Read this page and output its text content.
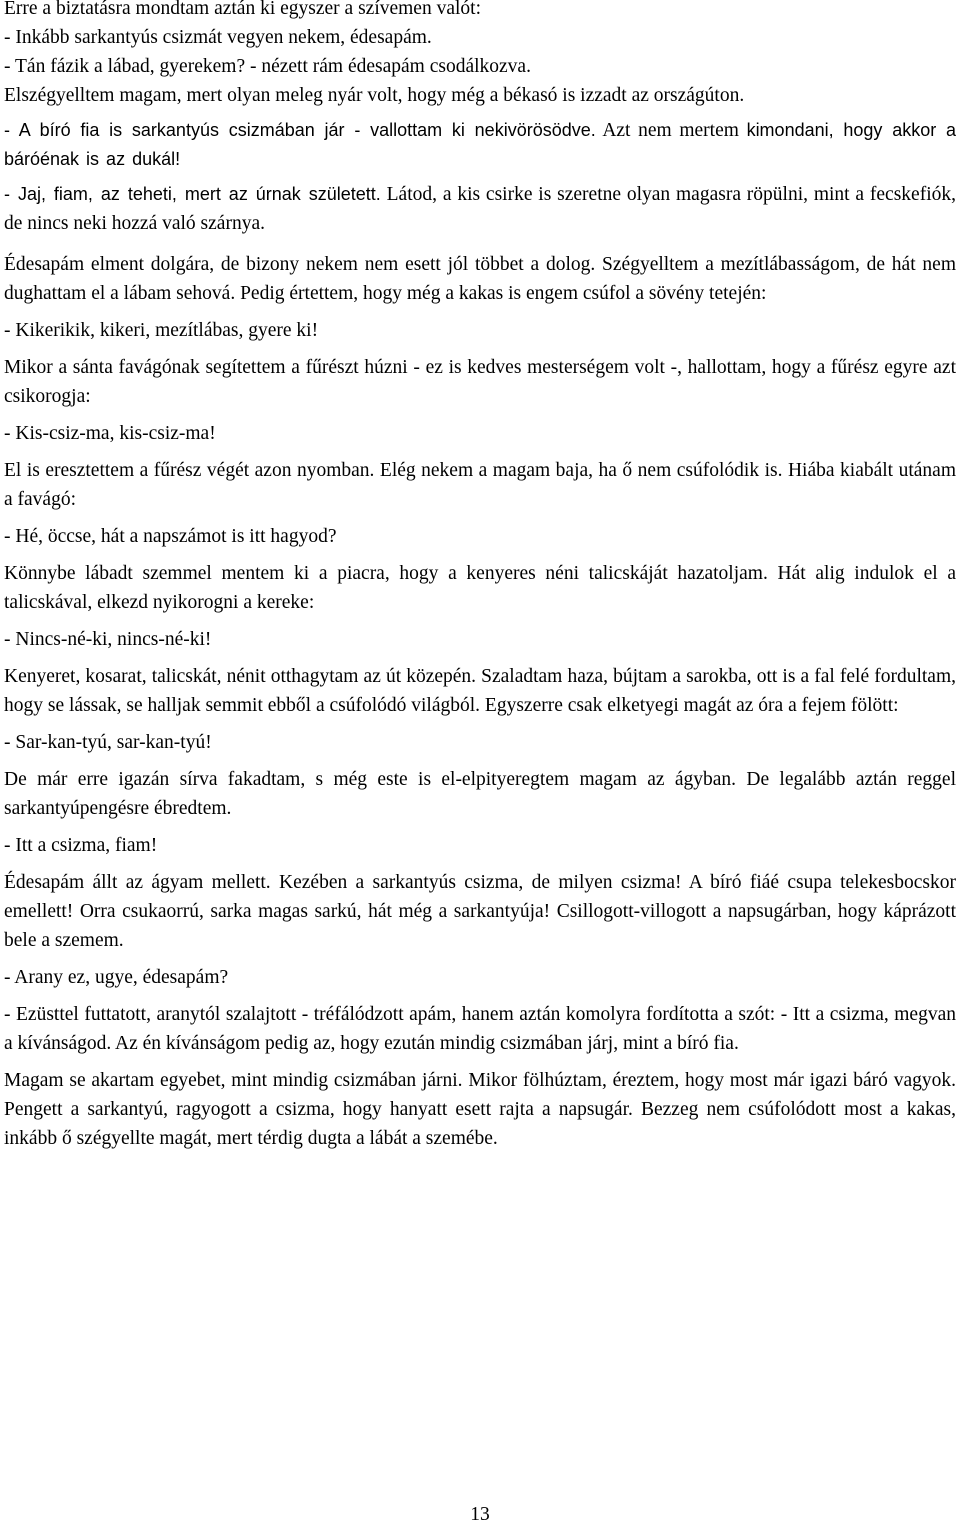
Erre a biztatásra mondtam aztán ki egyszer a szívemen valót:

- Inkább sarkantyús csizmát vegyen nekem, édesapám.

- Tán fázik a lábad, gyerekem? - nézett rám édesapám csodálkozva.

Elszégyelltem magam, mert olyan meleg nyár volt, hogy még a békasó is izzadt az országúton.

- A bíró fia is sarkantyús csizmában jár - vallottam ki nekivörösödve. Azt nem mertem kimondani, hogy akkor a báróénak is az dukál!

- Jaj, fiam, az teheti, mert az úrnak született. Látod, a kis csirke is szeretne olyan magasra röpülni, mint a fecskefiók, de nincs neki hozzá való szárnya.

Édesapám elment dolgára, de bizony nekem nem esett jól többet a dolog. Szégyelltem a mezítlábasságom, de hát nem dughattam el a lábam sehová. Pedig értettem, hogy még a kakas is engem csúfol a sövény tetején:

- Kikerikik, kikeri, mezítlábas, gyere ki!

Mikor a sánta favágónak segítettem a fűrészt húzni - ez is kedves mesterségem volt -, hallottam, hogy a fűrész egyre azt csikorogja:

- Kis-csiz-ma, kis-csiz-ma!

El is eresztettem a fűrész végét azon nyomban. Elég nekem a magam baja, ha ő nem csúfolódik is. Hiába kiabált utánam a favágó:

- Hé, öccse, hát a napszámot is itt hagyod?

Könnybe lábadt szemmel mentem ki a piacra, hogy a kenyeres néni talicskáját hazatoljam. Hát alig indulok el a talicskával, elkezd nyikorogni a kereke:

- Nincs-né-ki, nincs-né-ki!

Kenyeret, kosarat, talicskát, nénit otthagytam az út közepén. Szaladtam haza, bújtam a sarokba, ott is a fal felé fordultam, hogy se lássak, se halljak semmit ebből a csúfolódó világból. Egyszerre csak elketyegi magát az óra a fejem fölött:

- Sar-kan-tyú, sar-kan-tyú!

De már erre igazán sírva fakadtam, s még este is el-elpityeregtem magam az ágyban. De legalább aztán reggel sarkantyúpengésre ébredtem.

- Itt a csizma, fiam!

Édesapám állt az ágyam mellett. Kezében a sarkantyús csizma, de milyen csizma! A bíró fiáé csupa telekesbocskor emellett! Orra csukaorrú, sarka magas sarkú, hát még a sarkantyúja! Csillogott-villogott a napsugárban, hogy káprázott bele a szemem.

- Arany ez, ugye, édesapám?

- Ezüsttel futtatott, aranytól szalajtott - tréfálódzott apám, hanem aztán komolyra fordította a szót: - Itt a csizma, megvan a kívánságod. Az én kívánságom pedig az, hogy ezután mindig csizmában járj, mint a bíró fia.

Magam se akartam egyebet, mint mindig csizmában járni. Mikor fölhúztam, éreztem, hogy most már igazi báró vagyok. Pengett a sarkantyú, ragyogott a csizma, hogy hanyatt esett rajta a napsugár. Bezzeg nem csúfolódott most a kakas, inkább ő szégyellte magát, mert térdig dugta a lábát a szemébe.

13
